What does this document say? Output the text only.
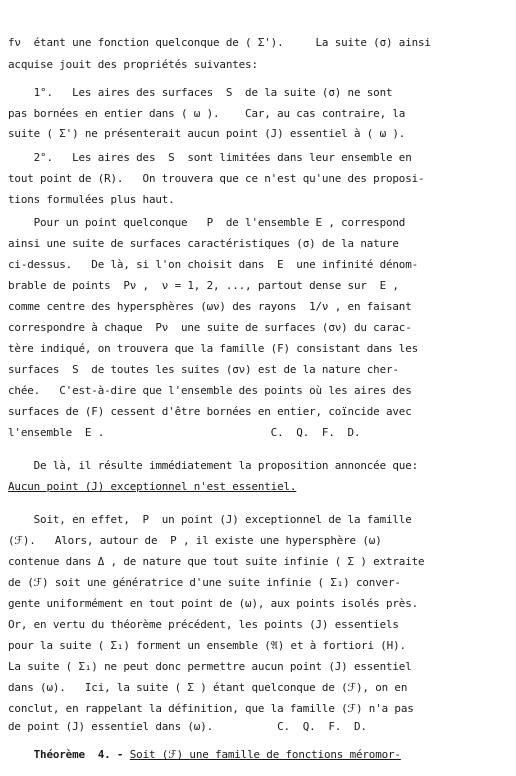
fν  étant une fonction quelconque de ( Σ').     La suite (σ) ainsi
acquise jouit des propriétés suivantes:
1°.   Les aires des surfaces  S  de la suite (σ) ne sont
pas bornées en entier dans ( ω ).    Car, au cas contraire, la
suite ( Σ') ne présenterait aucun point (J) essentiel à ( ω ).
2°.   Les aires des  S  sont limitées dans leur ensemble en
tout point de (R).   On trouvera que ce n'est qu'une des proposi-
tions formulées plus haut.
Pour un point quelconque   P  de l'ensemble E , correspond
ainsi une suite de surfaces caractéristiques (σ) de la nature
ci-dessus.   De là, si l'on choisit dans  E  une infinité dénom-
brable de points  Pν ,  ν = 1, 2, ..., partout dense sur  E ,
comme centre des hypersphères (ων) des rayons  1/ν , en faisant
correspondre à chaque  Pν  une suite de surfaces (σν) du carac-
tère indiqué, on trouvera que la famille (F) consistant dans les
surfaces  S  de toutes les suites (σν) est de la nature cher-
chée.   C'est-à-dire que l'ensemble des points où les aires des
surfaces de (F) cessent d'être bornées en entier, coïncide avec
l'ensemble  E .                          C.  Q.  F.  D.
De là, il résulte immédiatement la proposition annoncée que:
Aucun point (J) exceptionnel n'est essentiel.
Soit, en effet,  P  un point (J) exceptionnel de la famille
(ℱ).   Alors, autour de  P , il existe une hypersphère (ω)
contenue dans Δ , de nature que tout suite infinie ( Σ ) extraite
de (ℱ) soit une génératrice d'une suite infinie ( Σ₁) conver-
gente uniformément en tout point de (ω), aux points isolés près.
Or, en vertu du théorème précédent, les points (J) essentiels
pour la suite ( Σ₁) forment un ensemble (𝔄) et à fortiori (H).
La suite ( Σ₁) ne peut donc permettre aucun point (J) essentiel
dans (ω).   Ici, la suite ( Σ ) étant quelconque de (ℱ), on en
conclut, en rappelant la définition, que la famille (ℱ) n'a pas
de point (J) essentiel dans (ω).          C.  Q.  F.  D.

Théorème  4. - Soit (ℱ) une famille de fonctions méromor-
